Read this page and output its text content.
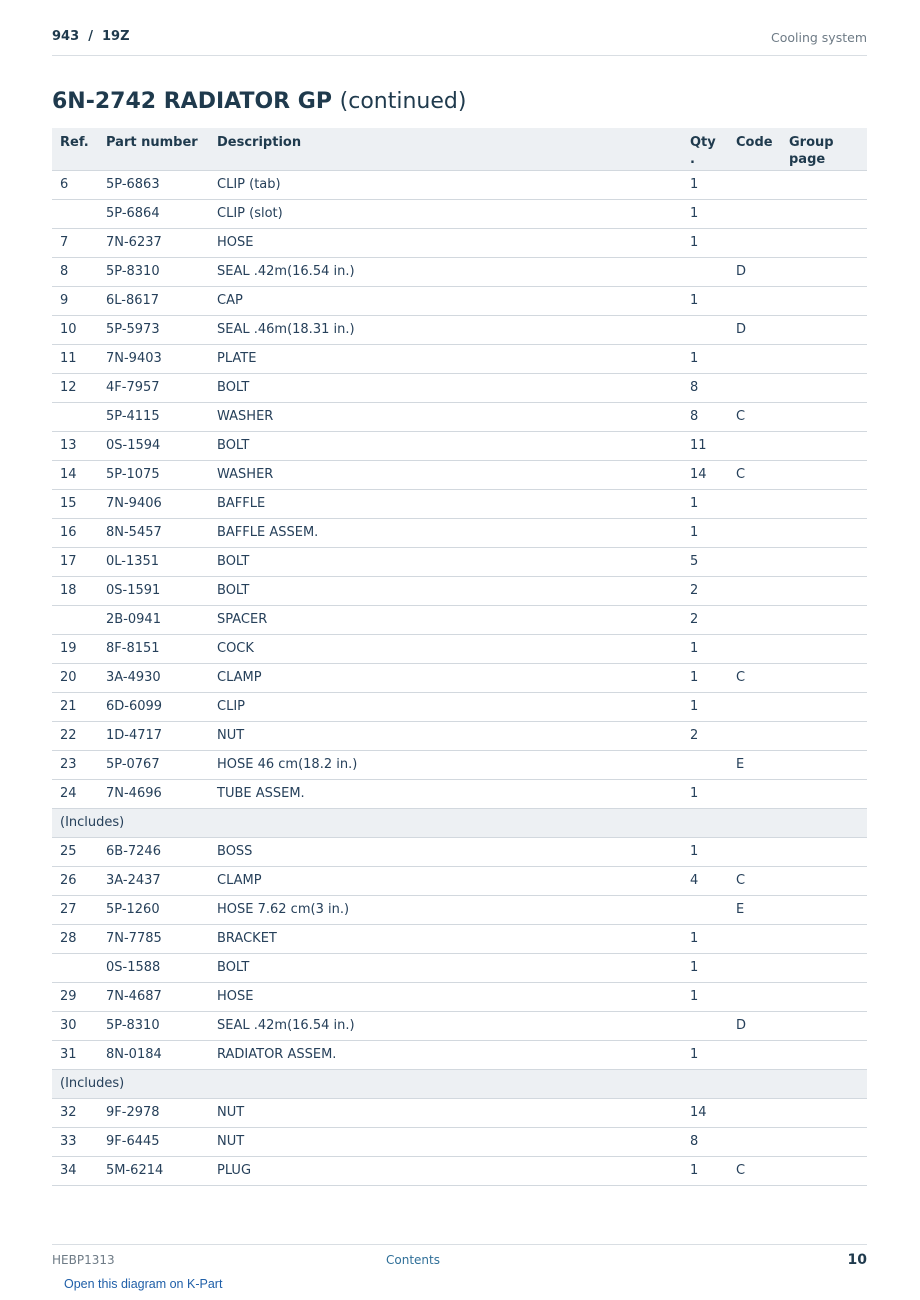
943  /  19Z	Cooling system
6N-2742 RADIATOR GP (continued)
Ref.	Part number	Description	Qty
.	Code	Group
page
6	5P-6863	CLIP (tab)	1		
	5P-6864	CLIP (slot)	1		
7	7N-6237	HOSE	1		
8	5P-8310	SEAL .42m(16.54 in.)		D	
9	6L-8617	CAP	1		
10	5P-5973	SEAL .46m(18.31 in.)		D	
11	7N-9403	PLATE	1		
12	4F-7957	BOLT	8		
	5P-4115	WASHER	8	C	
13	0S-1594	BOLT	11		
14	5P-1075	WASHER	14	C	
15	7N-9406	BAFFLE	1		
16	8N-5457	BAFFLE ASSEM.	1		
17	0L-1351	BOLT	5		
18	0S-1591	BOLT	2		
	2B-0941	SPACER	2		
19	8F-8151	COCK	1		
20	3A-4930	CLAMP	1	C	
21	6D-6099	CLIP	1		
22	1D-4717	NUT	2		
23	5P-0767	HOSE 46 cm(18.2 in.)		E	
24	7N-4696	TUBE ASSEM.	1		
(Includes)					
25	6B-7246	BOSS	1		
26	3A-2437	CLAMP	4	C	
27	5P-1260	HOSE 7.62 cm(3 in.)		E	
28	7N-7785	BRACKET	1		
	0S-1588	BOLT	1		
29	7N-4687	HOSE	1		
30	5P-8310	SEAL .42m(16.54 in.)		D	
31	8N-0184	RADIATOR ASSEM.	1		
(Includes)					
32	9F-2978	NUT	14		
33	9F-6445	NUT	8		
34	5M-6214	PLUG	1	C	
HEBP1313	Contents	10
Open this diagram on K-Part
